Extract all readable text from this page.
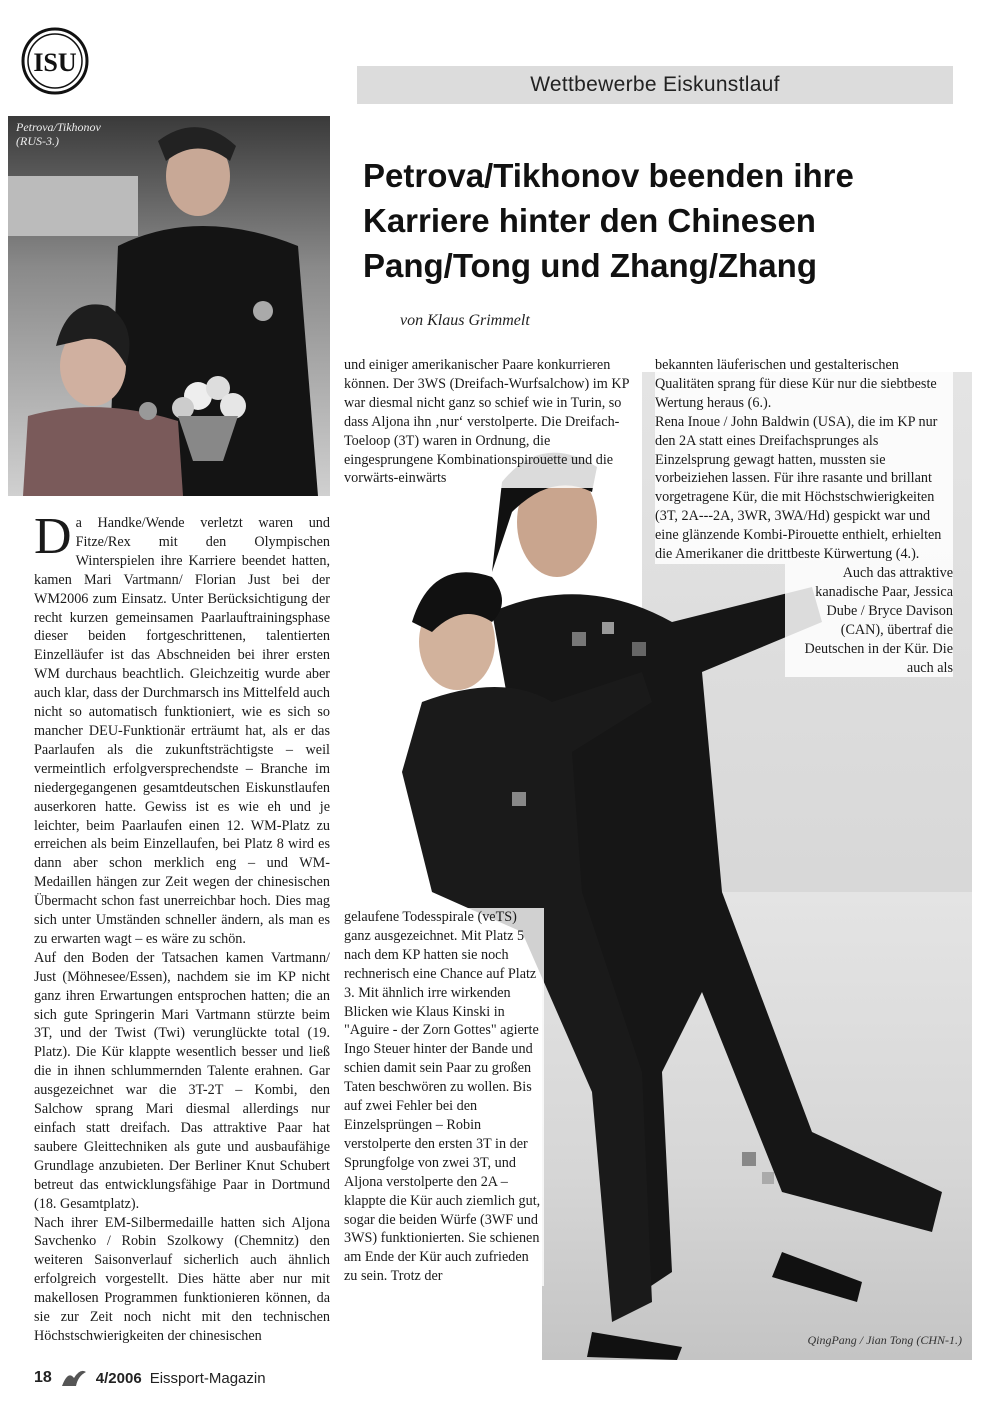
ISU
Wettbewerbe Eiskunstlauf
Petrova/Tikhonov
(RUS-3.)
Petrova/Tikhonov beenden ihre
Karriere hinter den Chinesen
Pang/Tong und Zhang/Zhang
von Klaus Grimmelt
QingPang / Jian Tong (CHN-1.)

Da Handke/Wende verletzt waren und Fitze/Rex mit den Olympischen Winterspielen ihre Karriere beendet hatten, kamen Mari Vartmann/ Florian Just bei der WM2006 zum Einsatz. Unter Berücksichtigung der recht kurzen gemeinsamen Paarlauftrainingsphase dieser beiden fortgeschrittenen, talentierten Einzelläufer ist das Abschneiden bei ihrer ersten WM durchaus beachtlich. Gleichzeitig wurde aber auch klar, dass der Durchmarsch ins Mittelfeld auch nicht so automatisch funktioniert, wie es sich so mancher DEU-Funktionär erträumt hat, als er das Paarlaufen als die zukunftsträchtigste – weil vermeintlich erfolgversprechendste – Branche im niedergegangenen gesamtdeutschen Eiskunstlaufen auserkoren hatte. Gewiss ist es wie eh und je leichter, beim Paarlaufen einen 12. WM-Platz zu erreichen als beim Einzellaufen, bei Platz 8 wird es dann aber schon merklich eng – und WM-Medaillen hängen zur Zeit wegen der chinesischen Übermacht schon fast unerreichbar hoch. Dies mag sich unter Umständen schneller ändern, als man es zu erwarten wagt – es wäre zu schön.

Auf den Boden der Tatsachen kamen Vartmann/ Just (Möhnesee/Essen), nachdem sie im KP nicht ganz ihren Erwartungen entsprochen hatten; die an sich gute Springerin Mari Vartmann stürzte beim 3T, und der Twist (Twi) verunglückte total (19. Platz). Die Kür klappte wesentlich besser und ließ die in ihnen schlummernden Talente erahnen. Gar ausgezeichnet war die 3T-2T – Kombi, den Salchow sprang Mari diesmal allerdings nur einfach statt dreifach. Das attraktive Paar hat saubere Gleittechniken als gute und ausbaufähige Grundlage anzubieten. Der Berliner Knut Schubert betreut das entwicklungsfähige Paar in Dortmund (18. Gesamtplatz).

Nach ihrer EM-Silbermedaille hatten sich Aljona Savchenko / Robin Szolkowy (Chemnitz) den weiteren Saisonverlauf sicherlich auch ähnlich erfolgreich vorgestellt. Dies hätte aber nur mit makellosen Programmen funktionieren können, da sie zur Zeit noch nicht mit den technischen Höchstschwierigkeiten der chinesischen

und einiger amerikanischer Paare konkurrieren können. Der 3WS (Dreifach-Wurfsalchow) im KP war diesmal nicht ganz so schief wie in Turin, so dass Aljona ihn ‚nur‘ verstolperte. Die Dreifach-Toeloop (3T) waren in Ordnung, die eingesprungene Kombinationspirouette und die vorwärts-einwärts

gelaufene Todesspirale (veTS) ganz ausgezeichnet. Mit Platz 5 nach dem KP hatten sie noch rechnerisch eine Chance auf Platz 3. Mit ähnlich irre wirkenden Blicken wie Klaus Kinski in "Aguire - der Zorn Gottes" agierte Ingo Steuer hinter der Bande und schien damit sein Paar zu großen Taten beschwören zu wollen. Bis auf zwei Fehler bei den Einzelsprüngen – Robin verstolperte den ersten 3T in der Sprungfolge von zwei 3T, und Aljona verstolperte den 2A – klappte die Kür auch ziemlich gut, sogar die beiden Würfe (3WF und 3WS) funktionierten. Sie schienen am Ende der Kür auch zufrieden zu sein. Trotz der

bekannten läuferischen und gestalterischen Qualitäten sprang für diese Kür nur die siebtbeste Wertung heraus (6.).

Rena Inoue / John Baldwin (USA), die im KP nur den 2A statt eines Dreifachsprunges als Einzelsprung gewagt hatten, mussten sie vorbeiziehen lassen. Für ihre rasante und brillant vorgetragene Kür, die mit Höchstschwierigkeiten (3T, 2A---2A, 3WR, 3WA/Hd) gespickt war und eine glänzende Kombi-Pirouette enthielt, erhielten die Amerikaner die drittbeste Kürwertung (4.).

Auch das attraktive kanadische Paar, Jessica Dube / Bryce Davison (CAN), übertraf die Deutschen in der Kür. Die auch als

18	4/2006 Eissport-Magazin
